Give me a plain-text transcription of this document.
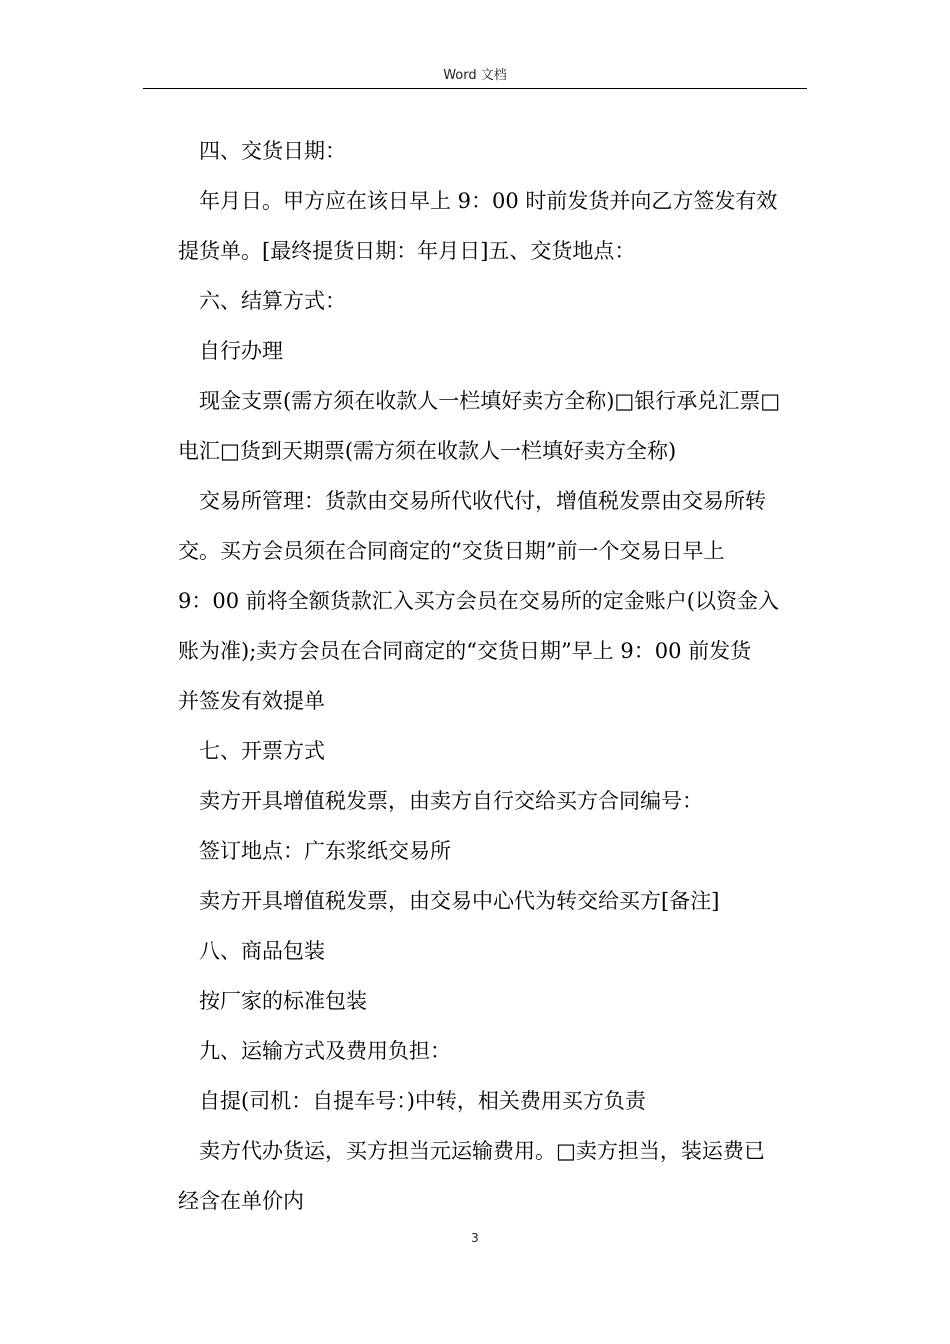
Word 文档
四、交货日期：
年月日。甲方应在该日早上 9：00 时前发货并向乙方签发有效
提货单。[最终提货日期：年月日]五、交货地点：
六、结算方式：
自行办理
现金支票(需方须在收款人一栏填好卖方全称)□银行承兑汇票□
电汇□货到天期票(需方须在收款人一栏填好卖方全称)
交易所管理：货款由交易所代收代付，增值税发票由交易所转
交。买方会员须在合同商定的“交货日期”前一个交易日早上
9：00 前将全额货款汇入买方会员在交易所的定金账户(以资金入
账为准);卖方会员在合同商定的“交货日期”早上 9：00 前发货
并签发有效提单
七、开票方式
卖方开具增值税发票，由卖方自行交给买方合同编号：
签订地点：广东浆纸交易所
卖方开具增值税发票，由交易中心代为转交给买方[备注]
八、商品包装
按厂家的标准包装
九、运输方式及费用负担：
自提(司机：自提车号：)中转，相关费用买方负责
卖方代办货运，买方担当元运输费用。□卖方担当，装运费已
经含在单价内
3
